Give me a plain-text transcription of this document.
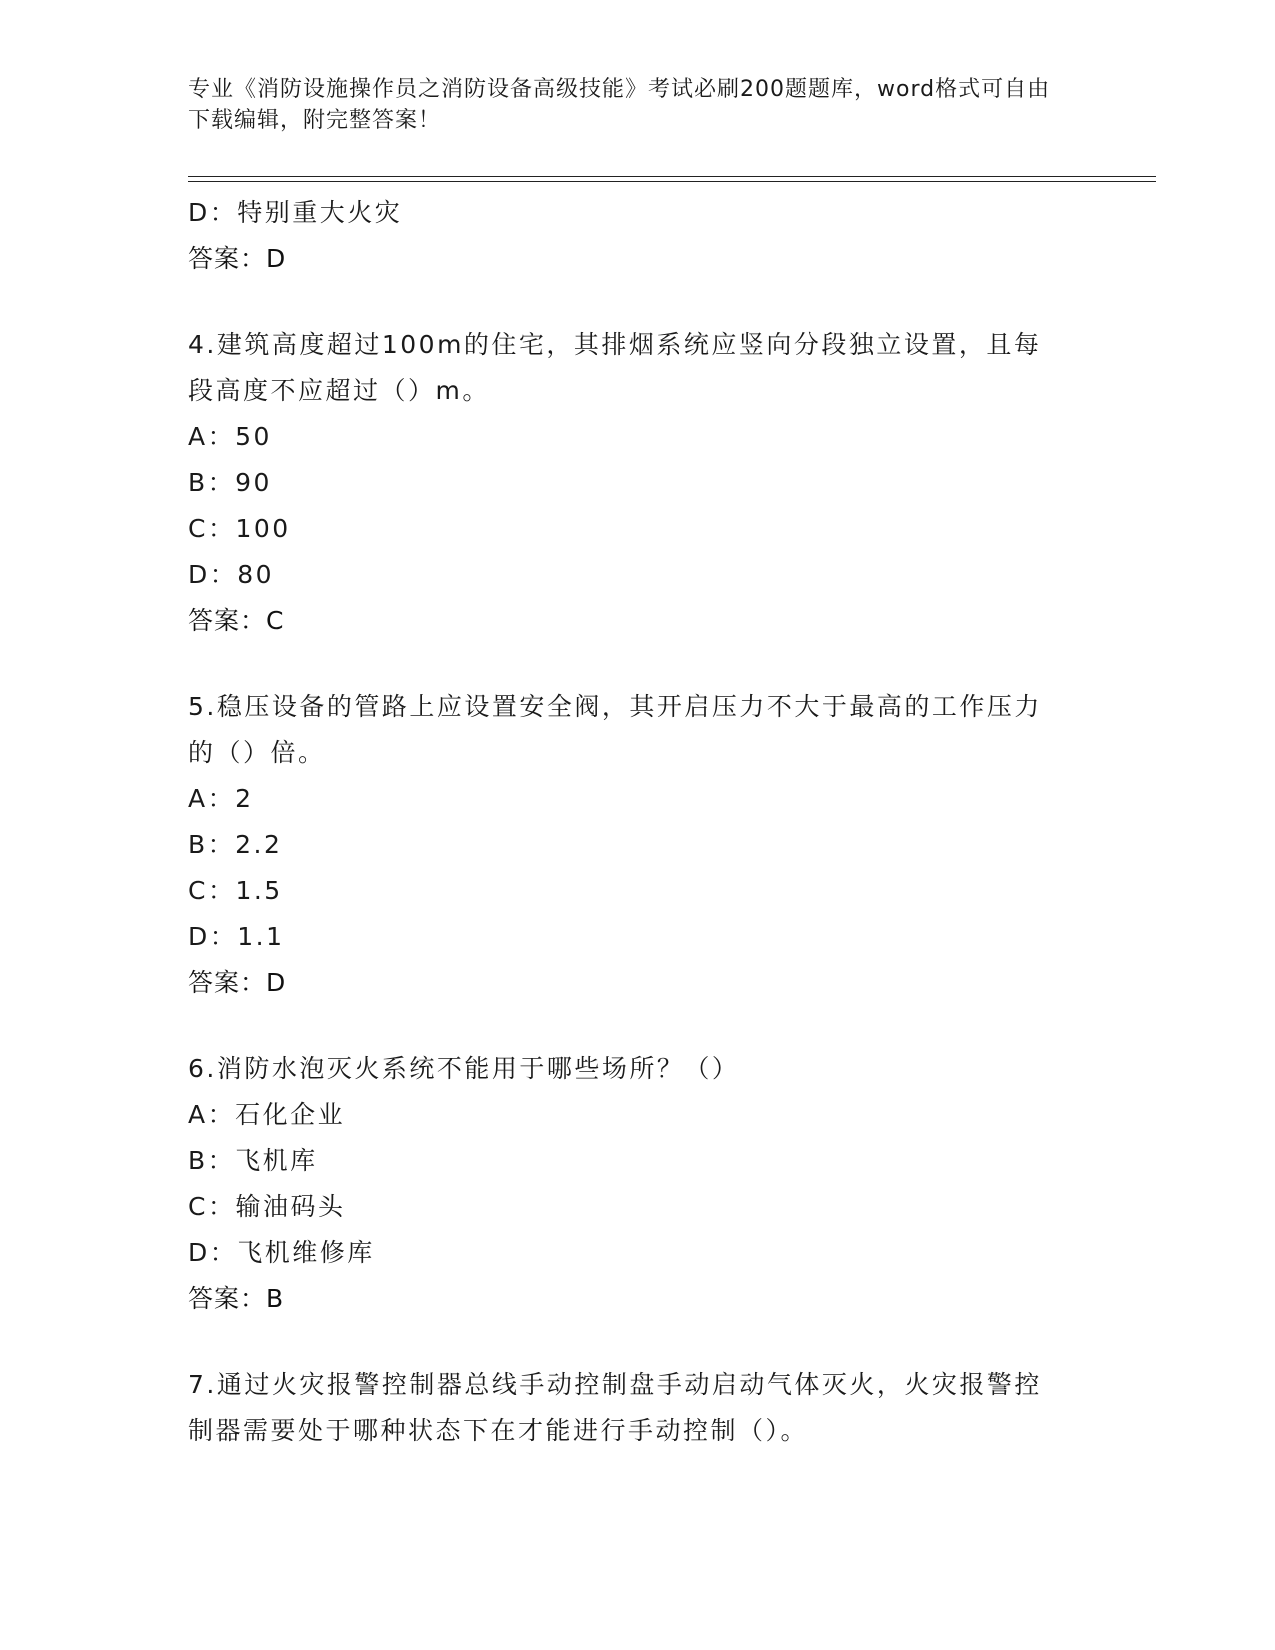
专业《消防设施操作员之消防设备高级技能》考试必刷200题题库，word格式可自由下载编辑，附完整答案！
D：特别重大火灾
答案：D
4.建筑高度超过100m的住宅，其排烟系统应竖向分段独立设置，且每段高度不应超过（）m。
A：50
B：90
C：100
D：80
答案：C
5.稳压设备的管路上应设置安全阀，其开启压力不大于最高的工作压力的（）倍。
A：2
B：2.2
C：1.5
D：1.1
答案：D
6.消防水泡灭火系统不能用于哪些场所？（）
A：石化企业
B：飞机库
C：输油码头
D：飞机维修库
答案：B
7.通过火灾报警控制器总线手动控制盘手动启动气体灭火，火灾报警控制器需要处于哪种状态下在才能进行手动控制（）。
